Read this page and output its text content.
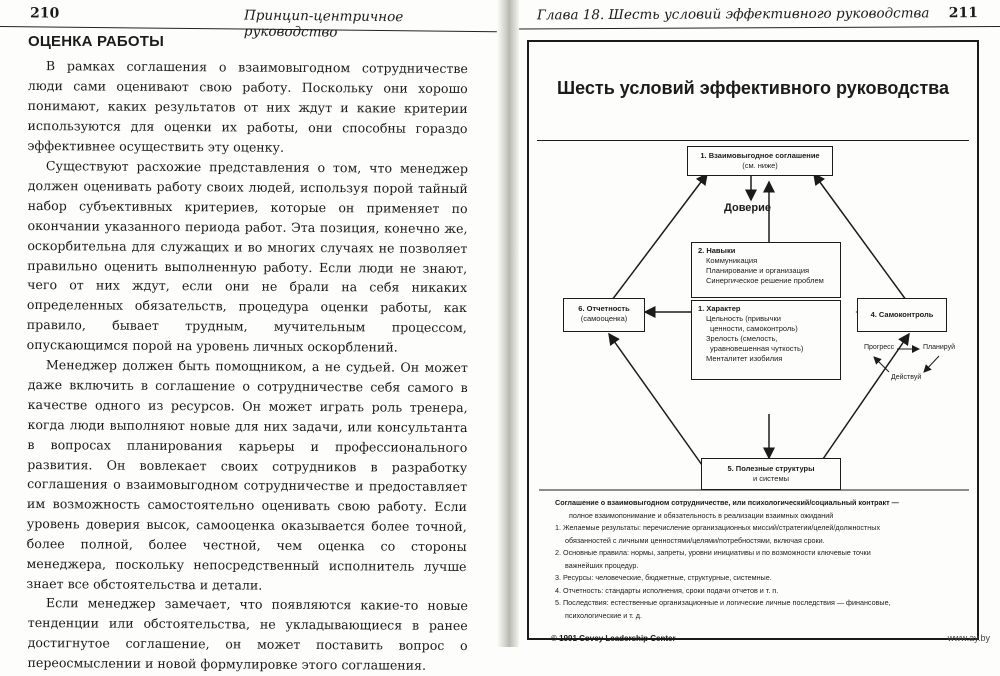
210	Принцип-центричное руководство
ОЦЕНКА РАБОТЫ

В рамках соглашения о взаимовыгодном сотрудничестве люди сами оценивают свою работу. Поскольку они хорошо понимают, каких результатов от них ждут и какие критерии используются для оценки их работы, они способны гораздо эффективнее осуществить эту оценку.

Существуют расхожие представления о том, что менеджер должен оценивать работу своих людей, используя порой тайный набор субъективных критериев, которые он применяет по окончании указанного периода работ. Эта позиция, конечно же, оскорбительна для служащих и во многих случаях не позволяет правильно оценить выполненную работу. Если люди не знают, чего от них ждут, если они не брали на себя никаких определенных обязательств, процедура оценки работы, как правило, бывает трудным, мучительным процессом, опускающимся порой на уровень личных оскорблений.

Менеджер должен быть помощником, а не судьей. Он может даже включить в соглашение о сотрудничестве себя самого в качестве одного из ресурсов. Он может играть роль тренера, когда люди выполняют новые для них задачи, или консультанта в вопросах планирования карьеры и профессионального развития. Он вовлекает своих сотрудников в разработку соглашения о взаимовыгодном сотрудничестве и предоставляет им возможность самостоятельно оценивать свою работу. Если уровень доверия высок, самооценка оказывается более точной, более полной, более честной, чем оценка со стороны менеджера, поскольку непосредственный исполнитель лучше знает все обстоятельства и детали.

Если менеджер замечает, что появляются какие-то новые тенденции или обстоятельства, не укладывающиеся в ранее достигнутое соглашение, он может поставить вопрос о переосмыслении и новой формулировке этого соглашения.

Глава 18. Шесть условий эффективного руководства 211
Шесть условий эффективного руководства
1. Взаимовыгодное соглашение
(см. ниже)
Доверие
2. Навыки
Коммуникация
Планирование и организация
Синергическое решение проблем
1. Характер
Цельность (привычки
ценности, самоконтроль)
Зрелость (смелость,
уравновешенная чуткость)
Менталитет изобилия
6. Отчетность
(самооценка)	4. Самоконтроль
Прогресс	Планируй
Действуй
5. Полезные структуры
и системы
Соглашение о взаимовыгодном сотрудничестве, или психологический/социальный контракт —
полное взаимопонимание и обязательность в реализации взаимных ожиданий
1. Желаемые результаты: перечисление организационных миссий/стратегии/целей/должностных
обязанностей с личными ценностями/целями/потребностями, включая сроки.
2. Основные правила: нормы, запреты, уровни инициативы и по возможности ключевые точки
важнейших процедур.
3. Ресурсы: человеческие, бюджетные, структурные, системные.
4. Отчетность: стандарты исполнения, сроки подачи отчетов и т. п.
5. Последствия: естественные организационные и логические личные последствия — финансовые,
психологические и т. д.
© 1991 Covey Leadership Center	www.ay.by
